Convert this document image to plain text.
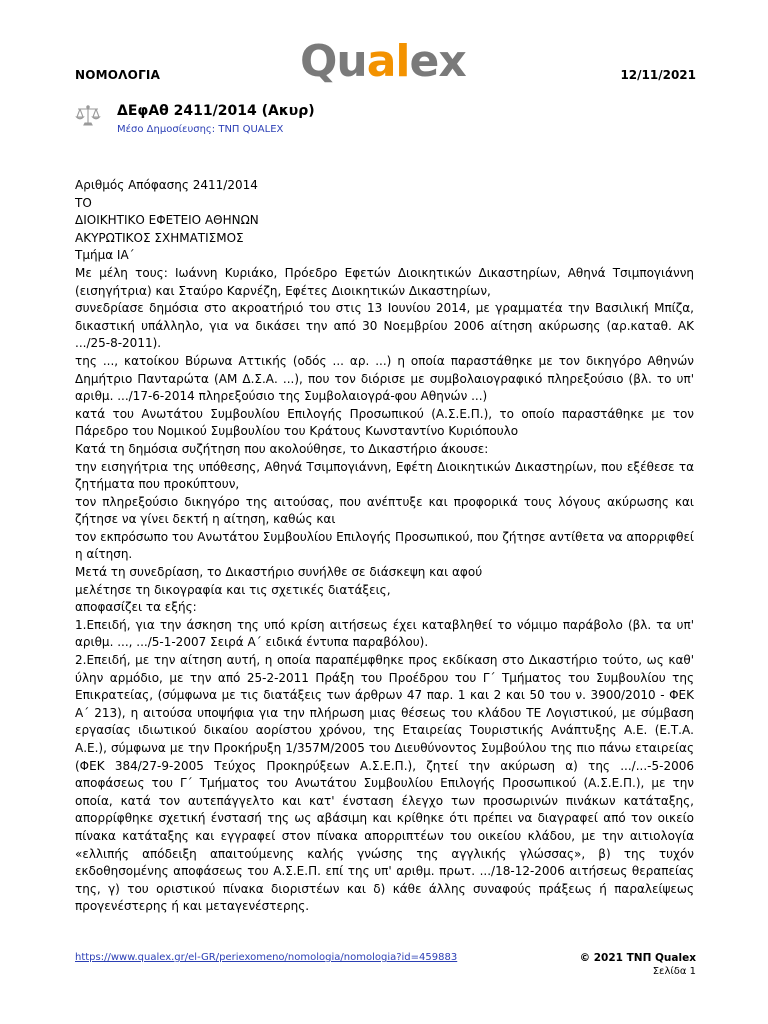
ΝΟΜΟΛΟΓΙΑ	Qualex	12/11/2021
ΔΕφΑθ 2411/2014 (Ακυρ)
Μέσο Δημοσίευσης: ΤΝΠ QUALEX

Αριθμός Απόφασης 2411/2014

ΤΟ

ΔΙΟΙΚΗΤΙΚΟ ΕΦΕΤΕΙΟ ΑΘΗΝΩΝ

ΑΚΥΡΩΤΙΚΟΣ ΣΧΗΜΑΤΙΣΜΟΣ

Τμήμα ΙΑ΄

Με μέλη τους: Ιωάννη Κυριάκο, Πρόεδρο Εφετών Διοικητικών Δικαστηρίων, Αθηνά Τσιμπογιάννη (εισηγήτρια) και Σταύρο Καρνέζη, Εφέτες Διοικητικών Δικαστηρίων,

συνεδρίασε δημόσια στο ακροατήριό του στις 13 Ιουνίου 2014, με γραμματέα την Βασιλική Μπίζα, δικαστική υπάλληλο, για να δικάσει την από 30 Νοεμβρίου 2006 αίτηση ακύρωσης (αρ.καταθ. ΑΚ .../25-8-2011).

της ..., κατοίκου Βύρωνα Αττικής (οδός ... αρ. ...) η οποία παραστάθηκε με τον δικηγόρο Αθηνών Δημήτριο Πανταρώτα (ΑΜ Δ.Σ.Α. ...), που τον διόρισε με συμβολαιογραφικό πληρεξούσιο (βλ. το υπ' αριθμ. .../17-6-2014 πληρεξούσιο της Συμβολαιογρά-φου Αθηνών ...)

κατά του Ανωτάτου Συμβουλίου Επιλογής Προσωπικού (Α.Σ.Ε.Π.), το οποίο παραστάθηκε με τον Πάρεδρο του Νομικού Συμβουλίου του Κράτους Κωνσταντίνο Κυριόπουλο

Κατά τη δημόσια συζήτηση που ακολούθησε, το Δικαστήριο άκουσε:

την εισηγήτρια της υπόθεσης, Αθηνά Τσιμπογιάννη, Εφέτη Διοικητικών Δικαστηρίων, που εξέθεσε τα ζητήματα που προκύπτουν,

τον πληρεξούσιο δικηγόρο της αιτούσας, που ανέπτυξε και προφορικά τους λόγους ακύρωσης και ζήτησε να γίνει δεκτή η αίτηση, καθώς και

τον εκπρόσωπο του Ανωτάτου Συμβουλίου Επιλογής Προσωπικού, που ζήτησε αντίθετα να απορριφθεί η αίτηση.

Μετά τη συνεδρίαση, το Δικαστήριο συνήλθε σε διάσκεψη και αφού

μελέτησε τη δικογραφία και τις σχετικές διατάξεις,

αποφασίζει τα εξής:

1.Επειδή, για την άσκηση της υπό κρίση αιτήσεως έχει καταβληθεί το νόμιμο παράβολο (βλ. τα υπ' αριθμ. ..., .../5-1-2007 Σειρά Α΄ ειδικά έντυπα παραβόλου).

2.Επειδή, με την αίτηση αυτή, η οποία παραπέμφθηκε προς εκδίκαση στο Δικαστήριο τούτο, ως καθ' ύλην αρμόδιο, με την από 25-2-2011 Πράξη του Προέδρου του Γ΄ Τμήματος του Συμβουλίου της Επικρατείας, (σύμφωνα με τις διατάξεις των άρθρων 47 παρ. 1 και 2 και 50 του ν. 3900/2010 - ΦΕΚ Α΄ 213), η αιτούσα υποψήφια για την πλήρωση μιας θέσεως του κλάδου ΤΕ Λογιστικού, με σύμβαση εργασίας ιδιωτικού δικαίου αορίστου χρόνου, της Εταιρείας Τουριστικής Ανάπτυξης Α.Ε. (Ε.Τ.Α. Α.Ε.), σύμφωνα με την Προκήρυξη 1/357Μ/2005 του Διευθύνοντος Συμβούλου της πιο πάνω εταιρείας (ΦΕΚ 384/27-9-2005 Τεύχος Προκηρύξεων Α.Σ.Ε.Π.), ζητεί την ακύρωση α) της .../...-5-2006 αποφάσεως του Γ΄ Τμήματος του Ανωτάτου Συμβουλίου Επιλογής Προσωπικού (Α.Σ.Ε.Π.), με την οποία, κατά τον αυτεπάγγελτο και κατ' ένσταση έλεγχο των προσωρινών πινάκων κατάταξης, απορρίφθηκε σχετική ένστασή της ως αβάσιμη και κρίθηκε ότι πρέπει να διαγραφεί από τον οικείο πίνακα κατάταξης και εγγραφεί στον πίνακα απορριπτέων του οικείου κλάδου, με την αιτιολογία «ελλιπής απόδειξη απαιτούμενης καλής γνώσης της αγγλικής γλώσσας», β) της τυχόν εκδοθησομένης αποφάσεως του Α.Σ.Ε.Π. επί της υπ' αριθμ. πρωτ. .../18-12-2006 αιτήσεως θεραπείας της, γ) του οριστικού πίνακα διοριστέων και δ) κάθε άλλης συναφούς πράξεως ή παραλείψεως προγενέστερης ή και μεταγενέστερης.

https://www.qualex.gr/el-GR/periexomeno/nomologia/nomologia?id=459883	© 2021 ΤΝΠ Qualex
Σελίδα 1
